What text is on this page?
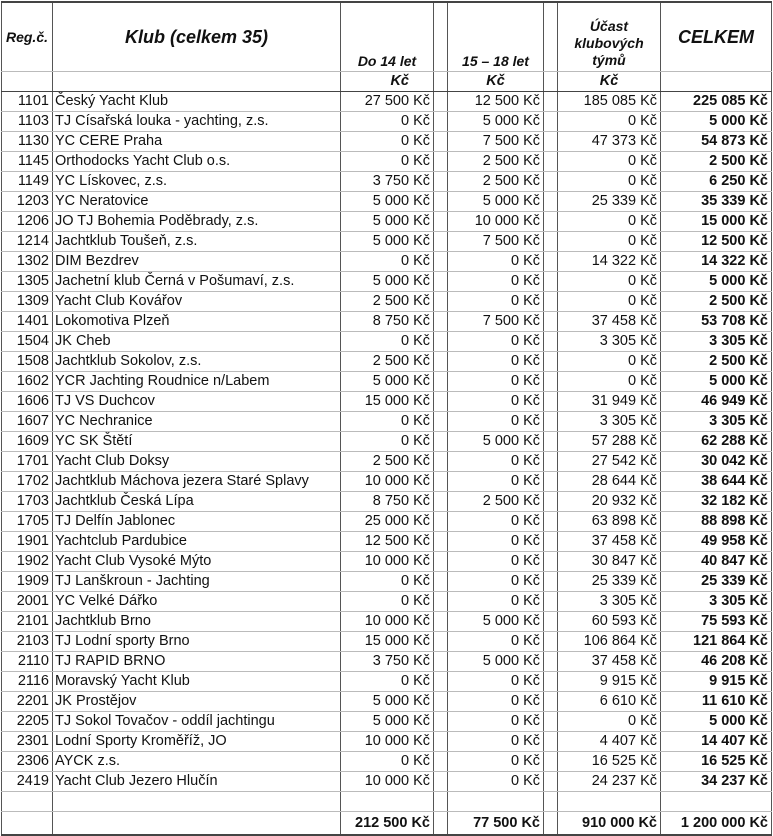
Reg.č.	Klub (celkem 35)	Do 14 let		15 – 18 let		Účast
klubových
týmů	CELKEM
		Kč		Kč		Kč	
1101	Český Yacht Klub	27 500 Kč		12 500 Kč		185 085 Kč	225 085 Kč
1103	TJ Císařská louka - yachting, z.s.	0 Kč		5 000 Kč		0 Kč	5 000 Kč
1130	YC CERE Praha	0 Kč		7 500 Kč		47 373 Kč	54 873 Kč
1145	Orthodocks Yacht Club o.s.	0 Kč		2 500 Kč		0 Kč	2 500 Kč
1149	YC Lískovec, z.s.	3 750 Kč		2 500 Kč		0 Kč	6 250 Kč
1203	YC Neratovice	5 000 Kč		5 000 Kč		25 339 Kč	35 339 Kč
1206	JO TJ Bohemia Poděbrady, z.s.	5 000 Kč		10 000 Kč		0 Kč	15 000 Kč
1214	Jachtklub Toušeň, z.s.	5 000 Kč		7 500 Kč		0 Kč	12 500 Kč
1302	DIM Bezdrev	0 Kč		0 Kč		14 322 Kč	14 322 Kč
1305	Jachetní klub Černá v Pošumaví, z.s.	5 000 Kč		0 Kč		0 Kč	5 000 Kč
1309	Yacht Club Kovářov	2 500 Kč		0 Kč		0 Kč	2 500 Kč
1401	Lokomotiva Plzeň	8 750 Kč		7 500 Kč		37 458 Kč	53 708 Kč
1504	JK Cheb	0 Kč		0 Kč		3 305 Kč	3 305 Kč
1508	Jachtklub Sokolov, z.s.	2 500 Kč		0 Kč		0 Kč	2 500 Kč
1602	YCR Jachting Roudnice n/Labem	5 000 Kč		0 Kč		0 Kč	5 000 Kč
1606	TJ VS Duchcov	15 000 Kč		0 Kč		31 949 Kč	46 949 Kč
1607	YC Nechranice	0 Kč		0 Kč		3 305 Kč	3 305 Kč
1609	YC SK Štětí	0 Kč		5 000 Kč		57 288 Kč	62 288 Kč
1701	Yacht Club Doksy	2 500 Kč		0 Kč		27 542 Kč	30 042 Kč
1702	Jachtklub Máchova jezera Staré Splavy	10 000 Kč		0 Kč		28 644 Kč	38 644 Kč
1703	Jachtklub Česká Lípa	8 750 Kč		2 500 Kč		20 932 Kč	32 182 Kč
1705	TJ Delfín Jablonec	25 000 Kč		0 Kč		63 898 Kč	88 898 Kč
1901	Yachtclub Pardubice	12 500 Kč		0 Kč		37 458 Kč	49 958 Kč
1902	Yacht Club Vysoké Mýto	10 000 Kč		0 Kč		30 847 Kč	40 847 Kč
1909	TJ Lanškroun - Jachting	0 Kč		0 Kč		25 339 Kč	25 339 Kč
2001	YC Velké Dářko	0 Kč		0 Kč		3 305 Kč	3 305 Kč
2101	Jachtklub Brno	10 000 Kč		5 000 Kč		60 593 Kč	75 593 Kč
2103	TJ Lodní sporty Brno	15 000 Kč		0 Kč		106 864 Kč	121 864 Kč
2110	TJ RAPID BRNO	3 750 Kč		5 000 Kč		37 458 Kč	46 208 Kč
2116	Moravský Yacht Klub	0 Kč		0 Kč		9 915 Kč	9 915 Kč
2201	JK Prostějov	5 000 Kč		0 Kč		6 610 Kč	11 610 Kč
2205	TJ Sokol Tovačov - oddíl jachtingu	5 000 Kč		0 Kč		0 Kč	5 000 Kč
2301	Lodní Sporty Kroměříž, JO	10 000 Kč		0 Kč		4 407 Kč	14 407 Kč
2306	AYCK z.s.	0 Kč		0 Kč		16 525 Kč	16 525 Kč
2419	Yacht Club Jezero Hlučín	10 000 Kč		0 Kč		24 237 Kč	34 237 Kč

		212 500 Kč		77 500 Kč		910 000 Kč	1 200 000 Kč
